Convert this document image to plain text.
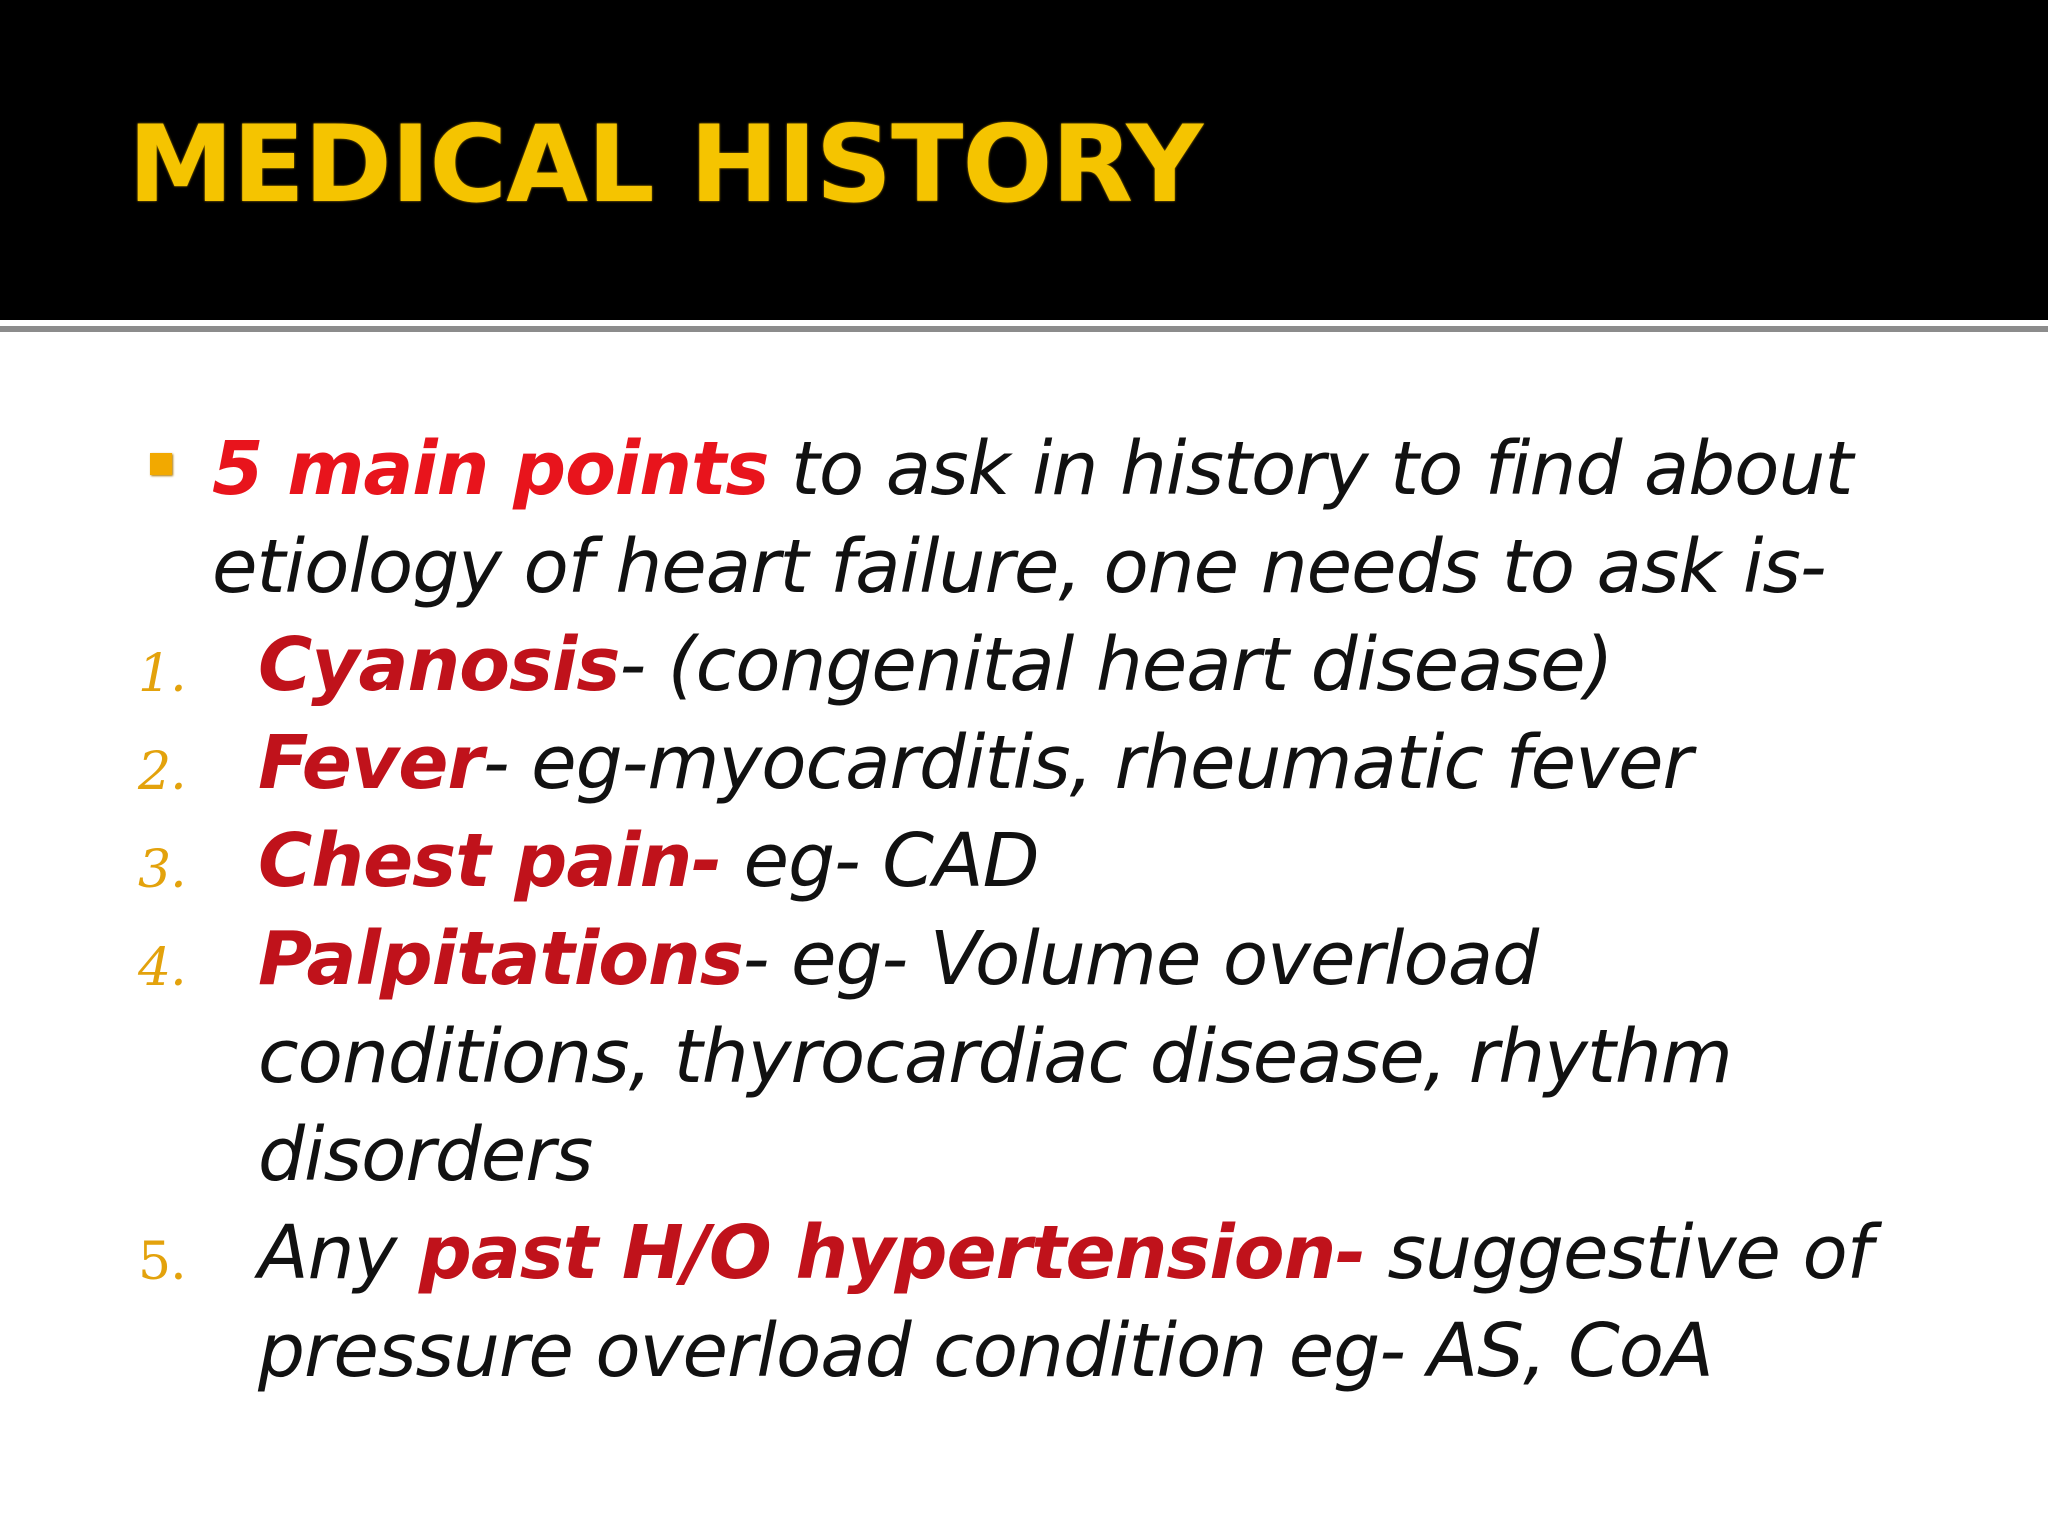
MEDICAL HISTORY
5 main points to ask in history to find about
etiology of heart failure, one needs to ask is-
1. Cyanosis- (congenital heart disease)
2. Fever- eg-myocarditis, rheumatic fever
3. Chest pain- eg- CAD
4. Palpitations- eg- Volume overload
conditions, thyrocardiac disease, rhythm
disorders
5. Any past H/O hypertension- suggestive of
pressure overload condition eg- AS, CoA
